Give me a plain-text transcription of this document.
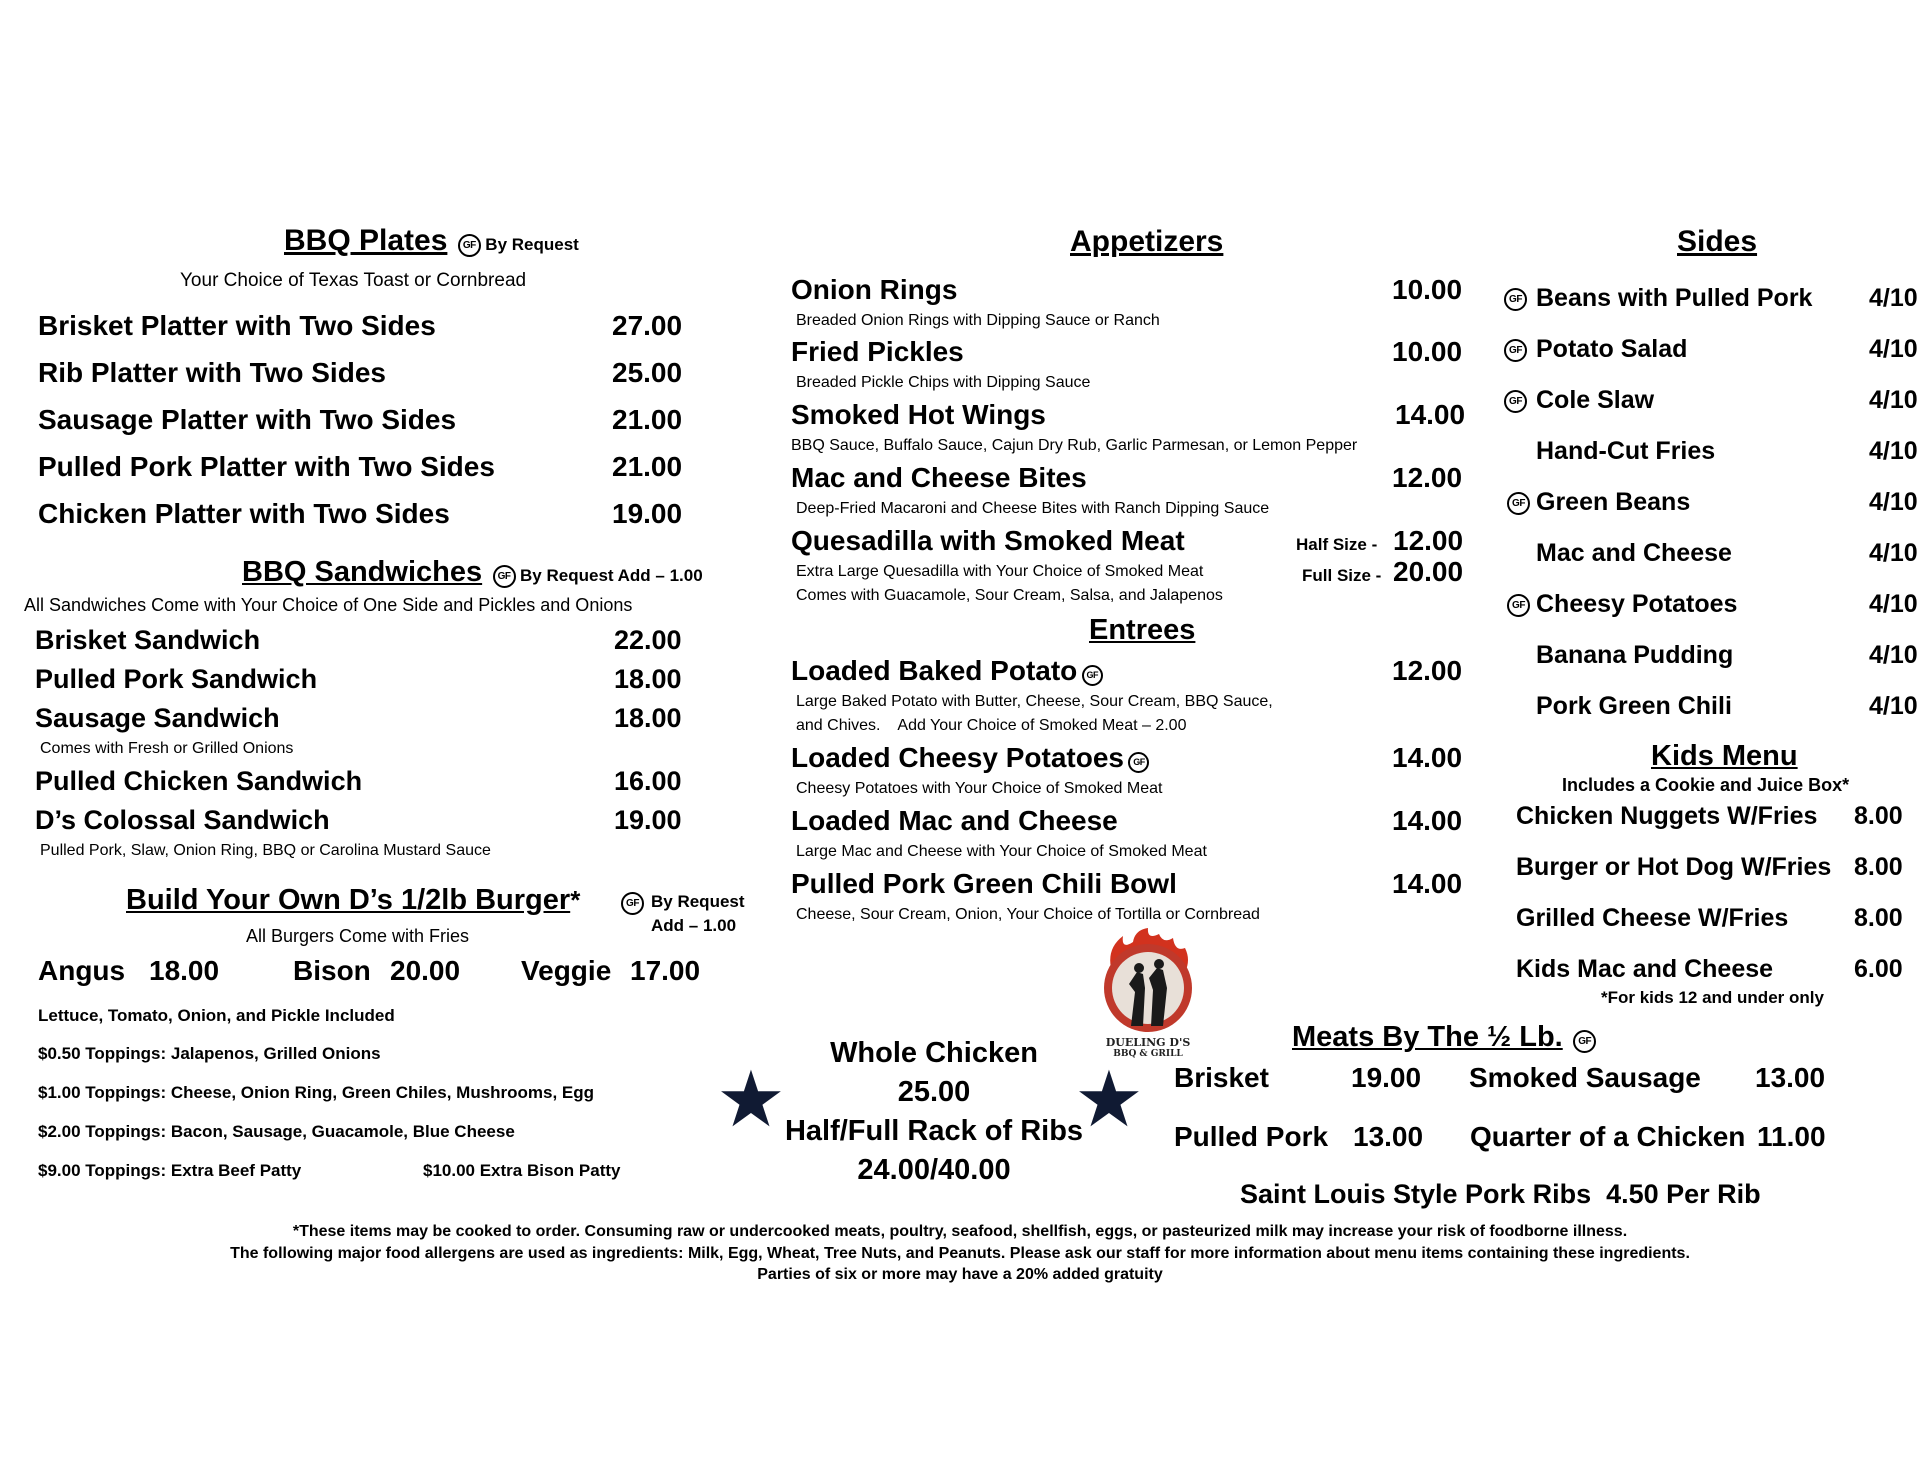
BBQ Plates GF By Request
Your Choice of Texas Toast or Cornbread
Brisket Platter with Two Sides	27.00
Rib Platter with Two Sides	25.00
Sausage Platter with Two Sides	21.00
Pulled Pork Platter with Two Sides	21.00
Chicken Platter with Two Sides	19.00
BBQ Sandwiches GF By Request Add – 1.00
All Sandwiches Come with Your Choice of One Side and Pickles and Onions
Brisket Sandwich	22.00
Pulled Pork Sandwich	18.00
Sausage Sandwich	18.00
Comes with Fresh or Grilled Onions
Pulled Chicken Sandwich	16.00
D’s Colossal Sandwich	19.00
Pulled Pork, Slaw, Onion Ring, BBQ or Carolina Mustard Sauce
Build Your Own D’s 1/2lb Burger*	GF By Request
Add – 1.00
All Burgers Come with Fries
Angus 18.00	Bison 20.00 Veggie 17.00
Lettuce, Tomato, Onion, and Pickle Included
$0.50 Toppings: Jalapenos, Grilled Onions
$1.00 Toppings: Cheese, Onion Ring, Green Chiles, Mushrooms, Egg
$2.00 Toppings: Bacon, Sausage, Guacamole, Blue Cheese
$9.00 Toppings: Extra Beef Patty	$10.00 Extra Bison Patty
Appetizers
Onion Rings	10.00
Breaded Onion Rings with Dipping Sauce or Ranch
Fried Pickles	10.00
Breaded Pickle Chips with Dipping Sauce
Smoked Hot Wings	14.00
BBQ Sauce, Buffalo Sauce, Cajun Dry Rub, Garlic Parmesan, or Lemon Pepper
Mac and Cheese Bites	12.00
Deep-Fried Macaroni and Cheese Bites with Ranch Dipping Sauce
Quesadilla with Smoked Meat	Half Size - 12.00
Extra Large Quesadilla with Your Choice of Smoked Meat	Full Size - 20.00
Comes with Guacamole, Sour Cream, Salsa, and Jalapenos
Entrees
Loaded Baked Potato GF	12.00
Large Baked Potato with Butter, Cheese, Sour Cream, BBQ Sauce,
and Chives.    Add Your Choice of Smoked Meat – 2.00
Loaded Cheesy Potatoes GF	14.00
Cheesy Potatoes with Your Choice of Smoked Meat
Loaded Mac and Cheese	14.00
Large Mac and Cheese with Your Choice of Smoked Meat
Pulled Pork Green Chili Bowl	14.00
Cheese, Sour Cream, Onion, Your Choice of Tortilla or Cornbread
Sides
GF Beans with Pulled Pork 4/10
GF Potato Salad	4/10
GF Cole Slaw	4/10
Hand-Cut Fries	4/10
GF Green Beans	4/10
Mac and Cheese	4/10
GF Cheesy Potatoes	4/10
Banana Pudding	4/10
Pork Green Chili	4/10
Kids Menu
Includes a Cookie and Juice Box*
Chicken Nuggets W/Fries 8.00
Burger or Hot Dog W/Fries 8.00
Grilled Cheese W/Fries	8.00
Kids Mac and Cheese	6.00
*For kids 12 and under only
DUELING D'S
BBQ & GRILL
★	★
Whole Chicken
25.00
Half/Full Rack of Ribs
24.00/40.00
Meats By The ½ Lb. GF
Brisket	19.00 Smoked Sausage 13.00
Pulled Pork 13.00 Quarter of a Chicken 11.00
Saint Louis Style Pork Ribs  4.50 Per Rib
*These items may be cooked to order. Consuming raw or undercooked meats, poultry, seafood, shellfish, eggs, or pasteurized milk may increase your risk of foodborne illness.
The following major food allergens are used as ingredients: Milk, Egg, Wheat, Tree Nuts, and Peanuts. Please ask our staff for more information about menu items containing these ingredients.
Parties of six or more may have a 20% added gratuity
